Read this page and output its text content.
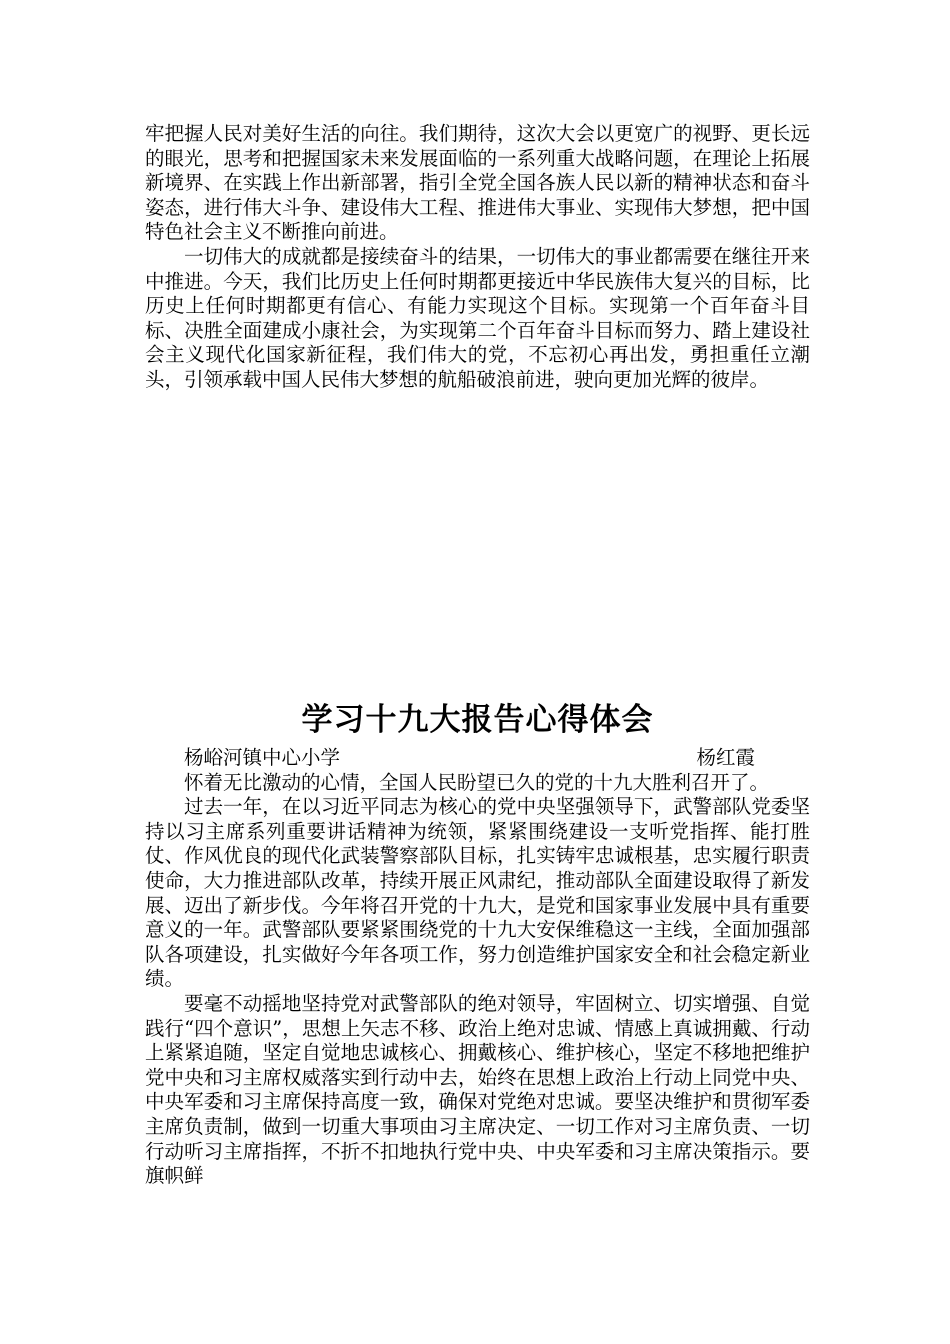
牢把握人民对美好生活的向往。我们期待，这次大会以更宽广的视野、更长远的眼光，思考和把握国家未来发展面临的一系列重大战略问题，在理论上拓展新境界、在实践上作出新部署，指引全党全国各族人民以新的精神状态和奋斗姿态，进行伟大斗争、建设伟大工程、推进伟大事业、实现伟大梦想，把中国特色社会主义不断推向前进。

一切伟大的成就都是接续奋斗的结果，一切伟大的事业都需要在继往开来中推进。今天，我们比历史上任何时期都更接近中华民族伟大复兴的目标，比历史上任何时期都更有信心、有能力实现这个目标。实现第一个百年奋斗目标、决胜全面建成小康社会，为实现第二个百年奋斗目标而努力、踏上建设社会主义现代化国家新征程，我们伟大的党，不忘初心再出发，勇担重任立潮头，引领承载中国人民伟大梦想的航船破浪前进，驶向更加光辉的彼岸。

学习十九大报告心得体会
杨峪河镇中心小学	杨红霞

怀着无比激动的心情，全国人民盼望已久的党的十九大胜利召开了。

过去一年，在以习近平同志为核心的党中央坚强领导下，武警部队党委坚持以习主席系列重要讲话精神为统领，紧紧围绕建设一支听党指挥、能打胜仗、作风优良的现代化武装警察部队目标，扎实铸牢忠诚根基，忠实履行职责使命，大力推进部队改革，持续开展正风肃纪，推动部队全面建设取得了新发展、迈出了新步伐。今年将召开党的十九大，是党和国家事业发展中具有重要意义的一年。武警部队要紧紧围绕党的十九大安保维稳这一主线，全面加强部队各项建设，扎实做好今年各项工作，努力创造维护国家安全和社会稳定新业绩。

要毫不动摇地坚持党对武警部队的绝对领导，牢固树立、切实增强、自觉践行“四个意识”，思想上矢志不移、政治上绝对忠诚、情感上真诚拥戴、行动上紧紧追随，坚定自觉地忠诚核心、拥戴核心、维护核心，坚定不移地把维护党中央和习主席权威落实到行动中去，始终在思想上政治上行动上同党中央、中央军委和习主席保持高度一致，确保对党绝对忠诚。要坚决维护和贯彻军委主席负责制，做到一切重大事项由习主席决定、一切工作对习主席负责、一切行动听习主席指挥，不折不扣地执行党中央、中央军委和习主席决策指示。要旗帜鲜
